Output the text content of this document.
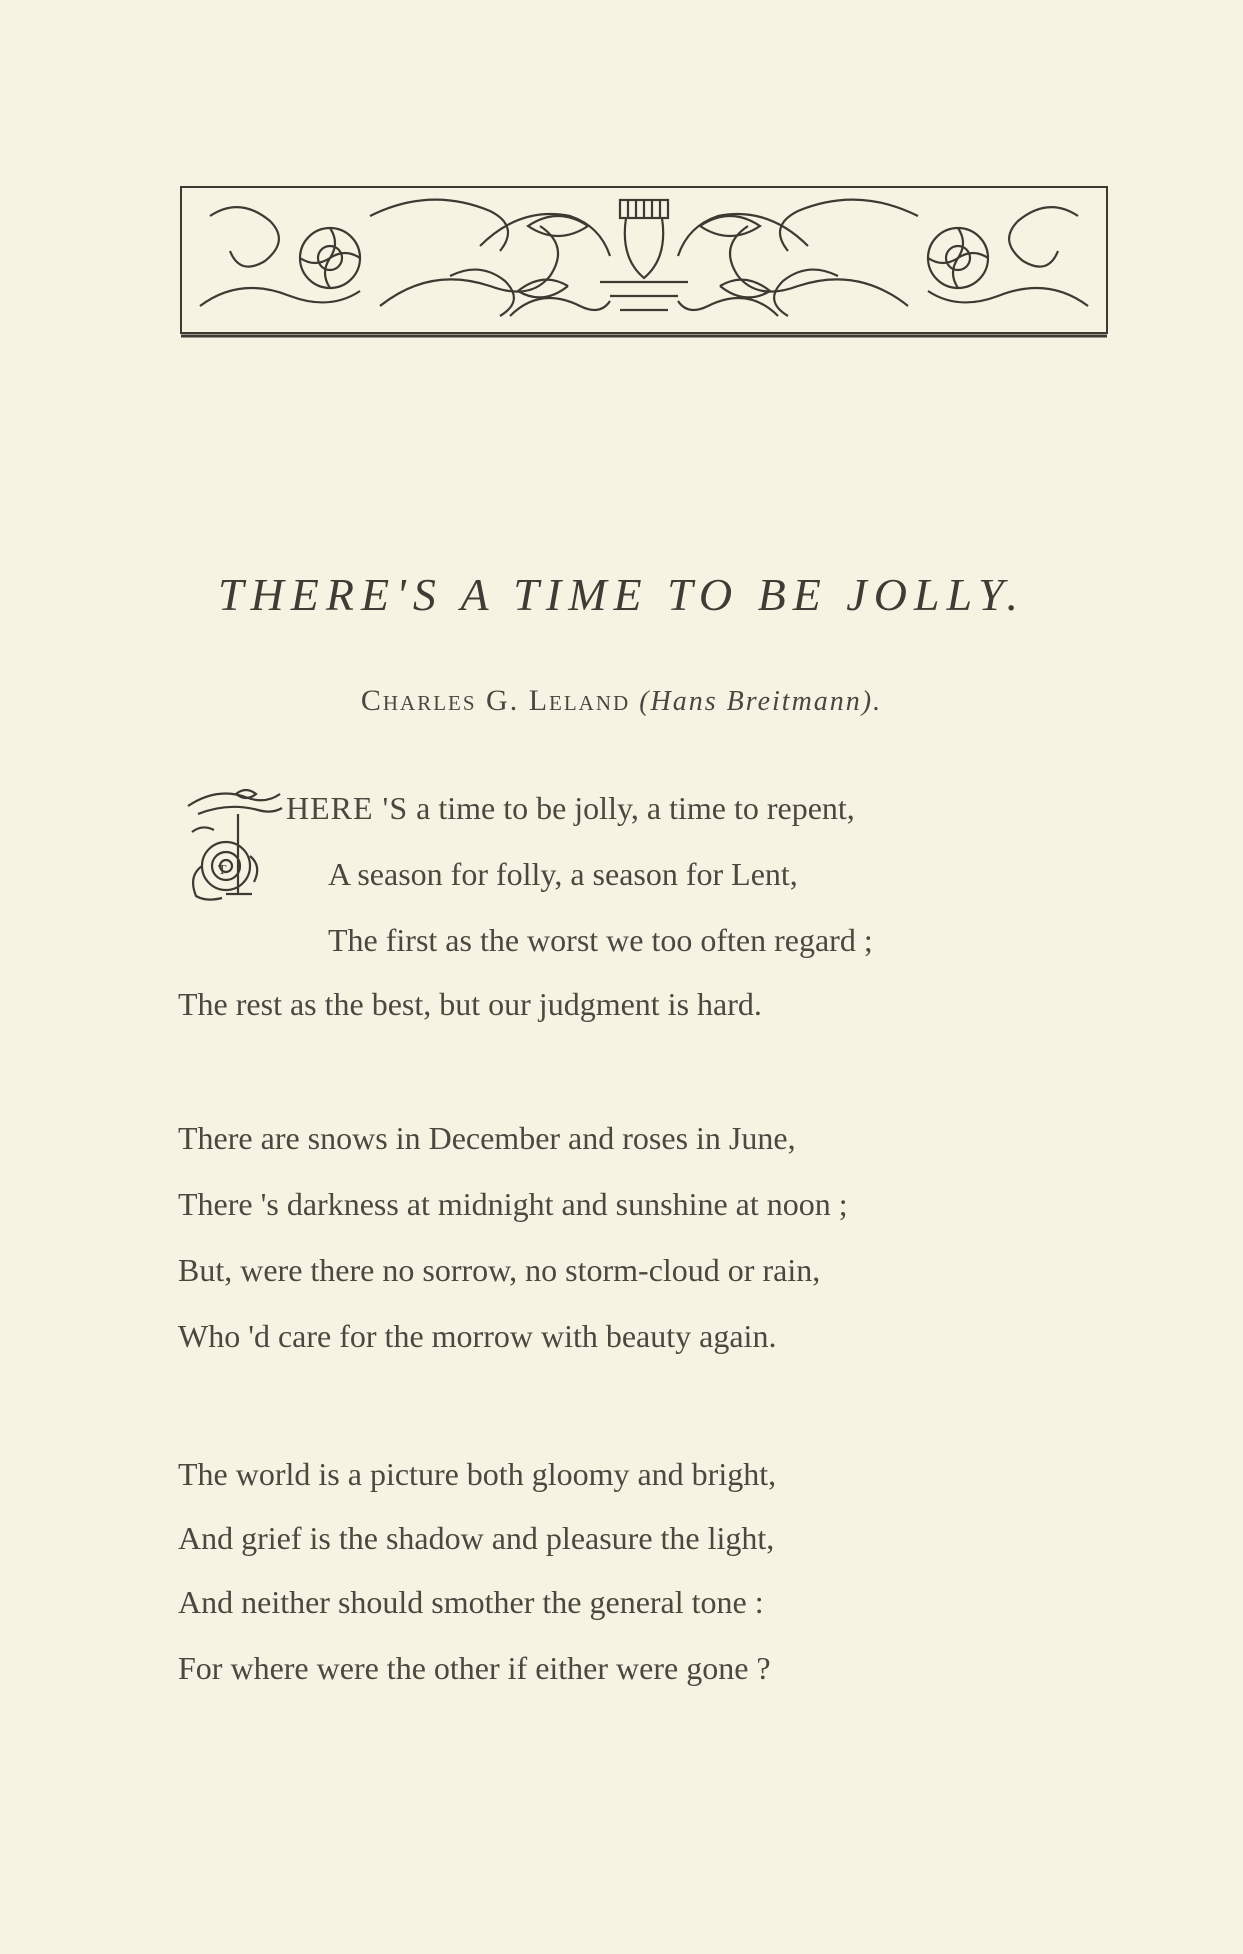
THERE'S A TIME TO BE JOLLY.
Charles G. Leland (Hans Breitmann).
T
HERE 'S a time to be jolly, a time to repent,
A season for folly, a season for Lent,
The first as the worst we too often regard ;
The rest as the best, but our judgment is hard.
There are snows in December and roses in June,
There 's darkness at midnight and sunshine at noon ;
But, were there no sorrow, no storm-cloud or rain,
Who 'd care for the morrow with beauty again.
The world is a picture both gloomy and bright,
And grief is the shadow and pleasure the light,
And neither should smother the general tone :
For where were the other if either were gone ?
